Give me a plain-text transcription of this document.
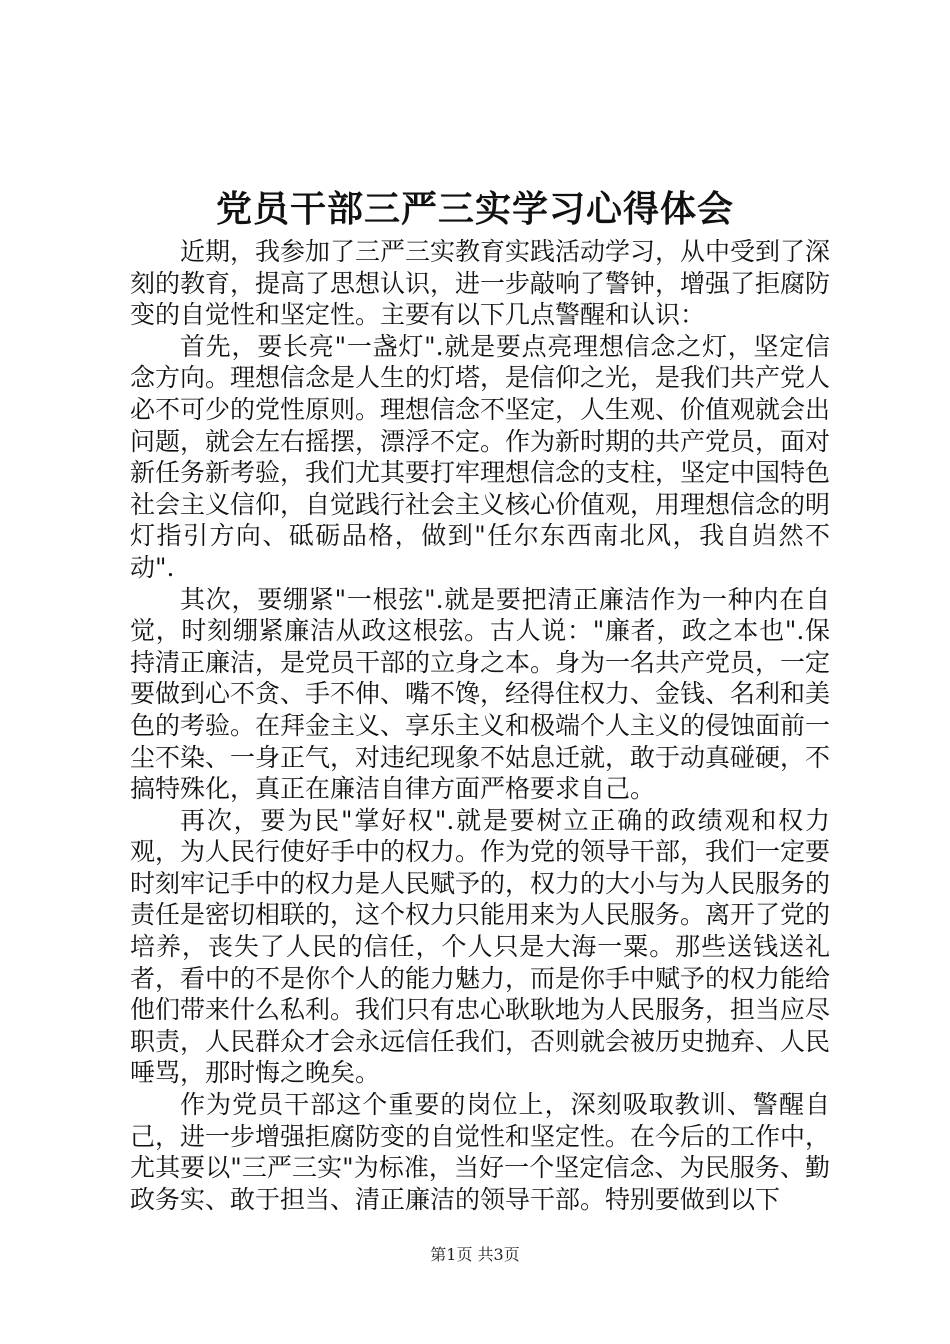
党员干部三严三实学习心得体会

近期，我参加了三严三实教育实践活动学习，从中受到了深刻的教育，提高了思想认识，进一步敲响了警钟，增强了拒腐防变的自觉性和坚定性。主要有以下几点警醒和认识：

首先，要长亮"一盏灯".就是要点亮理想信念之灯，坚定信念方向。理想信念是人生的灯塔，是信仰之光，是我们共产党人必不可少的党性原则。理想信念不坚定，人生观、价值观就会出问题，就会左右摇摆，漂浮不定。作为新时期的共产党员，面对新任务新考验，我们尤其要打牢理想信念的支柱，坚定中国特色社会主义信仰，自觉践行社会主义核心价值观，用理想信念的明灯指引方向、砥砺品格，做到"任尔东西南北风，我自岿然不动".

其次，要绷紧"一根弦".就是要把清正廉洁作为一种内在自觉，时刻绷紧廉洁从政这根弦。古人说："廉者，政之本也".保持清正廉洁，是党员干部的立身之本。身为一名共产党员，一定要做到心不贪、手不伸、嘴不馋，经得住权力、金钱、名利和美色的考验。在拜金主义、享乐主义和极端个人主义的侵蚀面前一尘不染、一身正气，对违纪现象不姑息迁就，敢于动真碰硬，不搞特殊化，真正在廉洁自律方面严格要求自己。

再次，要为民"掌好权".就是要树立正确的政绩观和权力观，为人民行使好手中的权力。作为党的领导干部，我们一定要时刻牢记手中的权力是人民赋予的，权力的大小与为人民服务的责任是密切相联的，这个权力只能用来为人民服务。离开了党的培养，丧失了人民的信任，个人只是大海一粟。那些送钱送礼者，看中的不是你个人的能力魅力，而是你手中赋予的权力能给他们带来什么私利。我们只有忠心耿耿地为人民服务，担当应尽职责，人民群众才会永远信任我们，否则就会被历史抛弃、人民唾骂，那时悔之晚矣。

作为党员干部这个重要的岗位上，深刻吸取教训、警醒自己，进一步增强拒腐防变的自觉性和坚定性。在今后的工作中，尤其要以"三严三实"为标准，当好一个坚定信念、为民服务、勤政务实、敢于担当、清正廉洁的领导干部。特别要做到以下

第1页 共3页
